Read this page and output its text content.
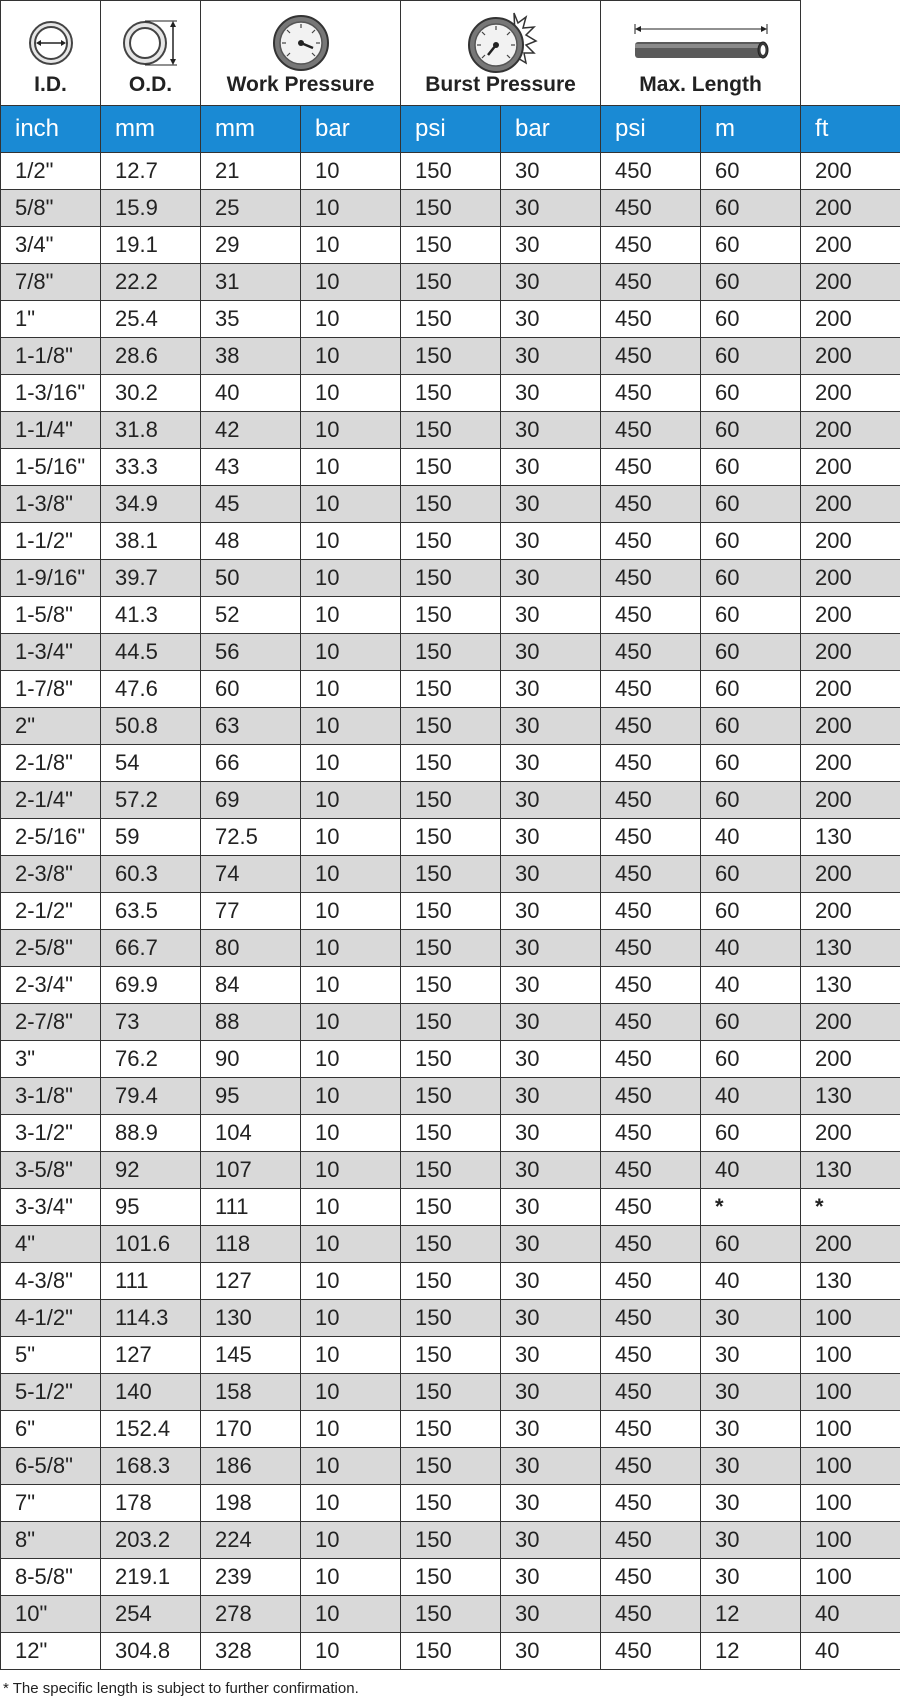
I.D.	O.D.	Work Pressure		Burst Pressure		Max. Length		

inch	mm	mm	bar	psi	bar	psi	m	ft
1/2"	12.7	21	10	150	30	450	60	200
5/8"	15.9	25	10	150	30	450	60	200
3/4"	19.1	29	10	150	30	450	60	200
7/8"	22.2	31	10	150	30	450	60	200
1"	25.4	35	10	150	30	450	60	200
1-1/8"	28.6	38	10	150	30	450	60	200
1-3/16"	30.2	40	10	150	30	450	60	200
1-1/4"	31.8	42	10	150	30	450	60	200
1-5/16"	33.3	43	10	150	30	450	60	200
1-3/8"	34.9	45	10	150	30	450	60	200
1-1/2"	38.1	48	10	150	30	450	60	200
1-9/16"	39.7	50	10	150	30	450	60	200
1-5/8"	41.3	52	10	150	30	450	60	200
1-3/4"	44.5	56	10	150	30	450	60	200
1-7/8"	47.6	60	10	150	30	450	60	200
2"	50.8	63	10	150	30	450	60	200
2-1/8"	54	66	10	150	30	450	60	200
2-1/4"	57.2	69	10	150	30	450	60	200
2-5/16"	59	72.5	10	150	30	450	40	130
2-3/8"	60.3	74	10	150	30	450	60	200
2-1/2"	63.5	77	10	150	30	450	60	200
2-5/8"	66.7	80	10	150	30	450	40	130
2-3/4"	69.9	84	10	150	30	450	40	130
2-7/8"	73	88	10	150	30	450	60	200
3"	76.2	90	10	150	30	450	60	200
3-1/8"	79.4	95	10	150	30	450	40	130
3-1/2"	88.9	104	10	150	30	450	60	200
3-5/8"	92	107	10	150	30	450	40	130
3-3/4"	95	111	10	150	30	450	*	*
4"	101.6	118	10	150	30	450	60	200
4-3/8"	111	127	10	150	30	450	40	130
4-1/2"	114.3	130	10	150	30	450	30	100
5"	127	145	10	150	30	450	30	100
5-1/2"	140	158	10	150	30	450	30	100
6"	152.4	170	10	150	30	450	30	100
6-5/8"	168.3	186	10	150	30	450	30	100
7"	178	198	10	150	30	450	30	100
8"	203.2	224	10	150	30	450	30	100
8-5/8"	219.1	239	10	150	30	450	30	100
10"	254	278	10	150	30	450	12	40
12"	304.8	328	10	150	30	450	12	40
* The specific length is subject to further confirmation.
